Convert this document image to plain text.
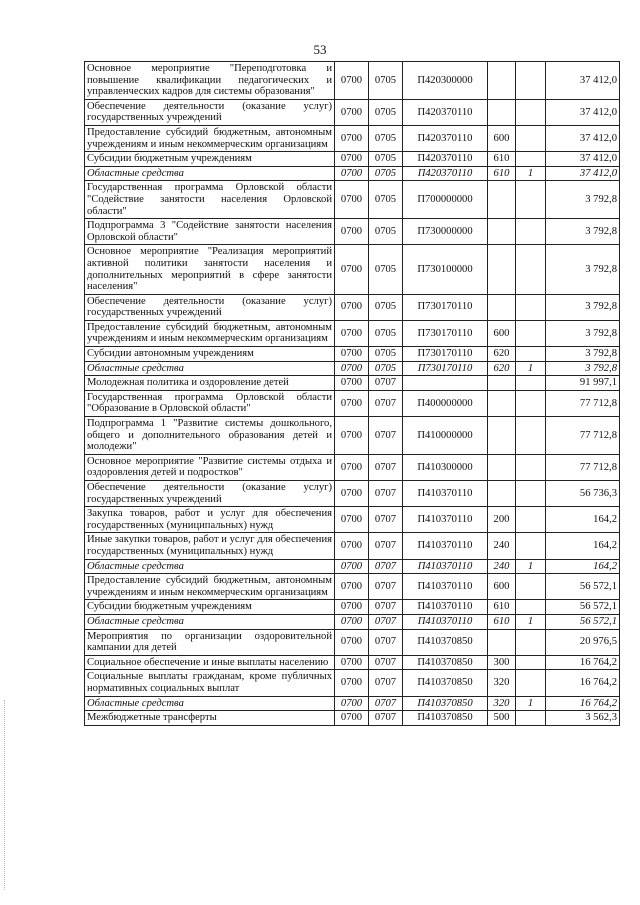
53
Основное мероприятие "Переподготовка и повышение квалификации педагогических и управленческих кадров для системы образования"	0700	0705	П420300000			37 412,0
Обеспечение деятельности (оказание услуг) государственных учреждений	0700	0705	П420370110			37 412,0
Предоставление субсидий бюджетным, автономным учреждениям и иным некоммерческим организациям	0700	0705	П420370110	600		37 412,0
Субсидии бюджетным учреждениям	0700	0705	П420370110	610		37 412,0
Областные средства	0700	0705	П420370110	610	1	37 412,0
Государственная программа Орловской области "Содействие занятости населения Орловской области"	0700	0705	П700000000			3 792,8
Подпрограмма 3 "Содействие занятости населения Орловской области"	0700	0705	П730000000			3 792,8
Основное мероприятие "Реализация мероприятий активной политики занятости населения и дополнительных мероприятий в сфере занятости населения"	0700	0705	П730100000			3 792,8
Обеспечение деятельности (оказание услуг) государственных учреждений	0700	0705	П730170110			3 792,8
Предоставление субсидий бюджетным, автономным учреждениям и иным некоммерческим организациям	0700	0705	П730170110	600		3 792,8
Субсидии автономным учреждениям	0700	0705	П730170110	620		3 792,8
Областные средства	0700	0705	П730170110	620	1	3 792,8
Молодежная политика и оздоровление детей	0700	0707				91 997,1
Государственная программа Орловской области "Образование в Орловской области"	0700	0707	П400000000			77 712,8
Подпрограмма 1 "Развитие системы дошкольного, общего и дополнительного образования детей и молодежи"	0700	0707	П410000000			77 712,8
Основное мероприятие "Развитие системы отдыха и оздоровления детей и подростков"	0700	0707	П410300000			77 712,8
Обеспечение деятельности (оказание услуг) государственных учреждений	0700	0707	П410370110			56 736,3
Закупка товаров, работ и услуг для обеспечения государственных (муниципальных) нужд	0700	0707	П410370110	200		164,2
Иные закупки товаров, работ и услуг для обеспечения государственных (муниципальных) нужд	0700	0707	П410370110	240		164,2
Областные средства	0700	0707	П410370110	240	1	164,2
Предоставление субсидий бюджетным, автономным учреждениям и иным некоммерческим организациям	0700	0707	П410370110	600		56 572,1
Субсидии бюджетным учреждениям	0700	0707	П410370110	610		56 572,1
Областные средства	0700	0707	П410370110	610	1	56 572,1
Мероприятия по организации оздоровительной кампании для детей	0700	0707	П410370850			20 976,5
Социальное обеспечение и иные выплаты населению	0700	0707	П410370850	300		16 764,2
Социальные выплаты гражданам, кроме публичных нормативных социальных выплат	0700	0707	П410370850	320		16 764,2
Областные средства	0700	0707	П410370850	320	1	16 764,2
Межбюджетные трансферты	0700	0707	П410370850	500		3 562,3
